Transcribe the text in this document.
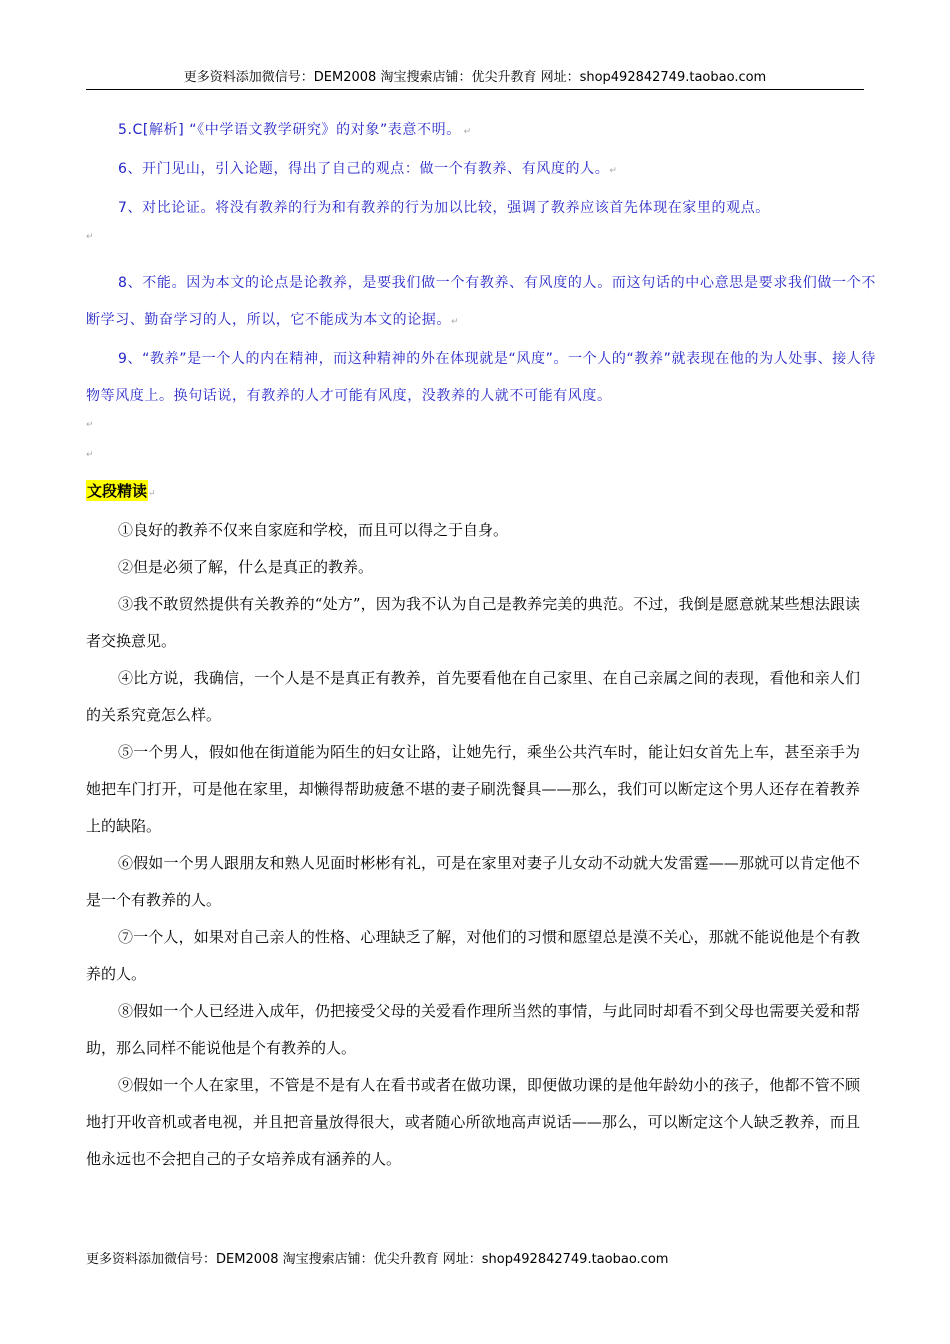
更多资料添加微信号：DEM2008 淘宝搜索店铺：优尖升教育 网址：shop492842749.taobao.com

5.C[解析] “《中学语文教学研究》的对象”表意不明。 ↵

6、开门见山，引入论题，得出了自己的观点：做一个有教养、有风度的人。↵

7、对比论证。将没有教养的行为和有教养的行为加以比较，强调了教养应该首先体现在家里的观点。

↵

8、不能。因为本文的论点是论教养，是要我们做一个有教养、有风度的人。而这句话的中心意思是要求我们做一个不断学习、勤奋学习的人，所以，它不能成为本文的论据。↵

9、“教养”是一个人的内在精神，而这种精神的外在体现就是“风度”。一个人的“教养”就表现在他的为人处事、接人待物等风度上。换句话说，有教养的人才可能有风度，没教养的人就不可能有风度。

↵
↵
文段精读↵

①良好的教养不仅来自家庭和学校，而且可以得之于自身。

②但是必须了解，什么是真正的教养。

③我不敢贸然提供有关教养的“处方”，因为我不认为自己是教养完美的典范。不过，我倒是愿意就某些想法跟读者交换意见。

④比方说，我确信，一个人是不是真正有教养，首先要看他在自己家里、在自己亲属之间的表现，看他和亲人们的关系究竟怎么样。

⑤一个男人，假如他在街道能为陌生的妇女让路，让她先行，乘坐公共汽车时，能让妇女首先上车，甚至亲手为她把车门打开，可是他在家里，却懒得帮助疲惫不堪的妻子刷洗餐具——那么，我们可以断定这个男人还存在着教养上的缺陷。

⑥假如一个男人跟朋友和熟人见面时彬彬有礼，可是在家里对妻子儿女动不动就大发雷霆——那就可以肯定他不是一个有教养的人。

⑦一个人，如果对自己亲人的性格、心理缺乏了解，对他们的习惯和愿望总是漠不关心，那就不能说他是个有教养的人。

⑧假如一个人已经进入成年，仍把接受父母的关爱看作理所当然的事情，与此同时却看不到父母也需要关爱和帮助，那么同样不能说他是个有教养的人。

⑨假如一个人在家里，不管是不是有人在看书或者在做功课，即便做功课的是他年龄幼小的孩子，他都不管不顾地打开收音机或者电视，并且把音量放得很大，或者随心所欲地高声说话——那么，可以断定这个人缺乏教养，而且他永远也不会把自己的子女培养成有涵养的人。

更多资料添加微信号：DEM2008 淘宝搜索店铺：优尖升教育 网址：shop492842749.taobao.com
